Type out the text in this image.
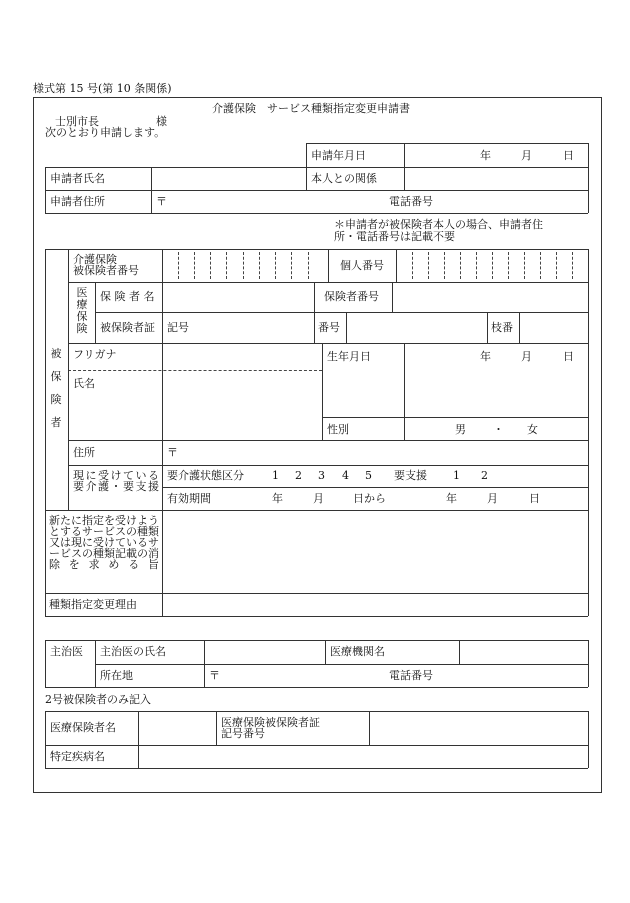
様式第 15 号(第 10 条関係)
介護保険　サービス種類指定変更申請書
士別市長	様
次のとおり申請します。
申請年月日	年	月	日
申請者氏名	本人との関係
申請者住所	〒	電話番号
＊申請者が被保険者本人の場合、申請者住
所・電話番号は記載不要
被
保
険
者
介護保険
被保険者番号	個人番号
医
療
保
険
保 険 者 名	保険者番号
被保険者証 記号	番号	枝番
フリガナ	生年月日	年	月	日
氏名
性別	男 ・ 女
住所	〒
現に受けている要介護・要支援
要介護状態区分	1 2 3 4 5 要支援 1 2
有効期間	年	月	日から	年	月	日
新たに指定を受けようとするサービスの種類又は現に受けているサービスの種類記載の消除を求める旨
種類指定変更理由
主治医 主治医の氏名	医療機関名
所在地	〒	電話番号
2号被保険者のみ記入
医療保険者名	医療保険被保険者証
記号番号
特定疾病名
